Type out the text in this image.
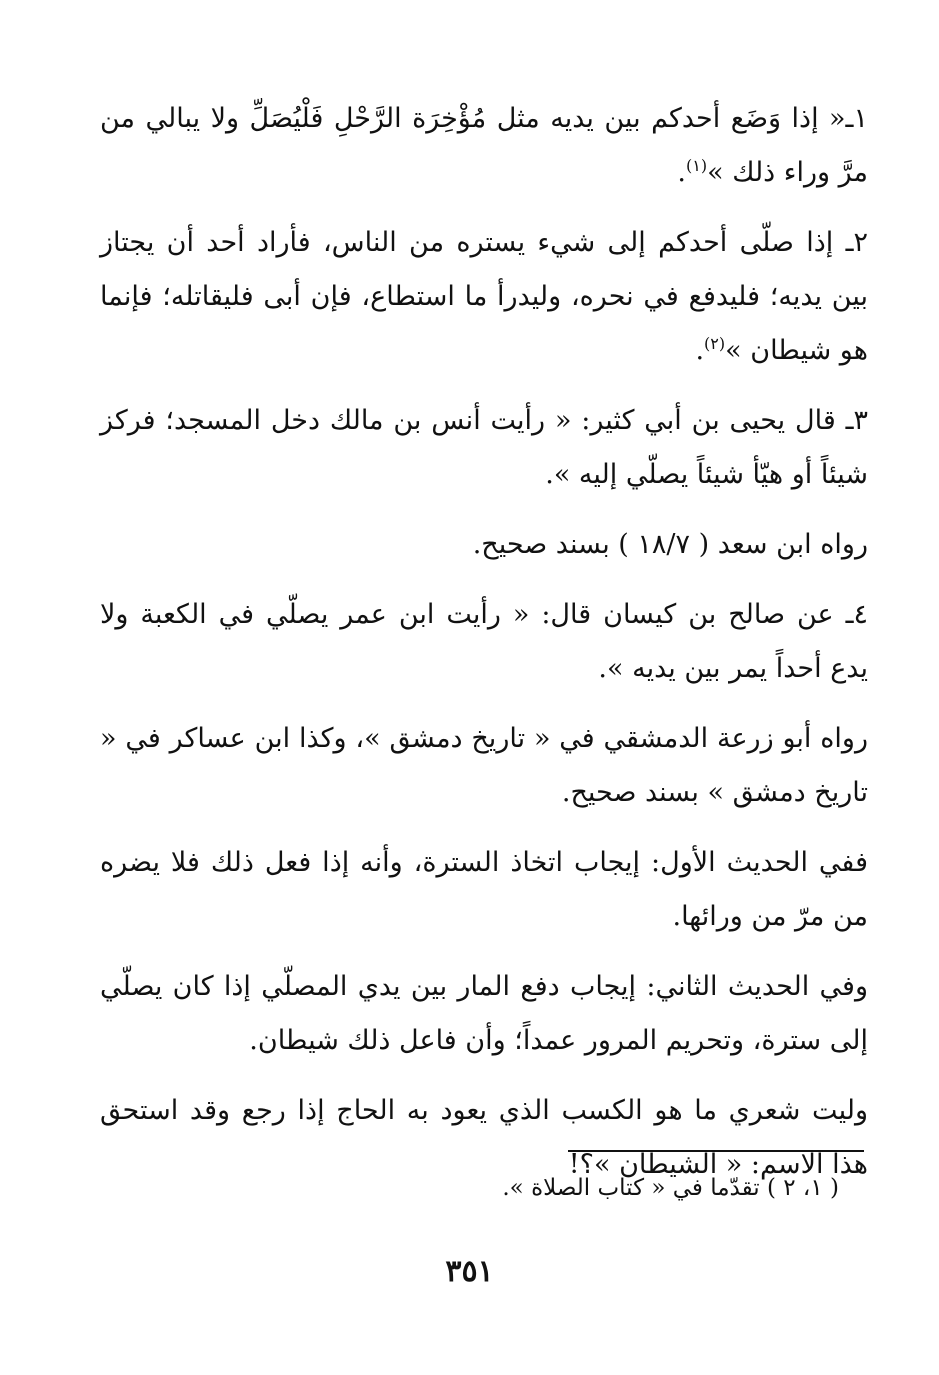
١ـ« إذا وَضَع أحدكم بين يديه مثل مُؤْخِرَة الرَّحْلِ فَلْيُصَلِّ ولا يبالي من مرَّ وراء ذلك »$^{(١)}$.

٢ـ إذا صلّى أحدكم إلى شيء يستره من الناس، فأراد أحد أن يجتاز بين يديه؛ فليدفع في نحره، وليدرأ ما استطاع، فإن أبى فليقاتله؛ فإنما هو شيطان »$^{(٢)}$.

٣ـ قال يحيى بن أبي كثير: « رأيت أنس بن مالك دخل المسجد؛ فركز شيئاً أو هيّأ شيئاً يصلّي إليه ».

رواه ابن سعد ( ١٨/٧ ) بسند صحيح.

٤ـ عن صالح بن كيسان قال: « رأيت ابن عمر يصلّي في الكعبة ولا يدع أحداً يمر بين يديه ».

رواه أبو زرعة الدمشقي في « تاريخ دمشق »، وكذا ابن عساكر في « تاريخ دمشق » بسند صحيح.

ففي الحديث الأول: إيجاب اتخاذ السترة، وأنه إذا فعل ذلك فلا يضره من مرّ من ورائها.

وفي الحديث الثاني: إيجاب دفع المار بين يدي المصلّي إذا كان يصلّي إلى سترة، وتحريم المرور عمداً؛ وأن فاعل ذلك شيطان.

وليت شعري ما هو الكسب الذي يعود به الحاج إذا رجع وقد استحق هذا الاسم: « الشيطان »؟!

( ١، ٢ ) تقدّما في « كتاب الصلاة ».
٣٥١
